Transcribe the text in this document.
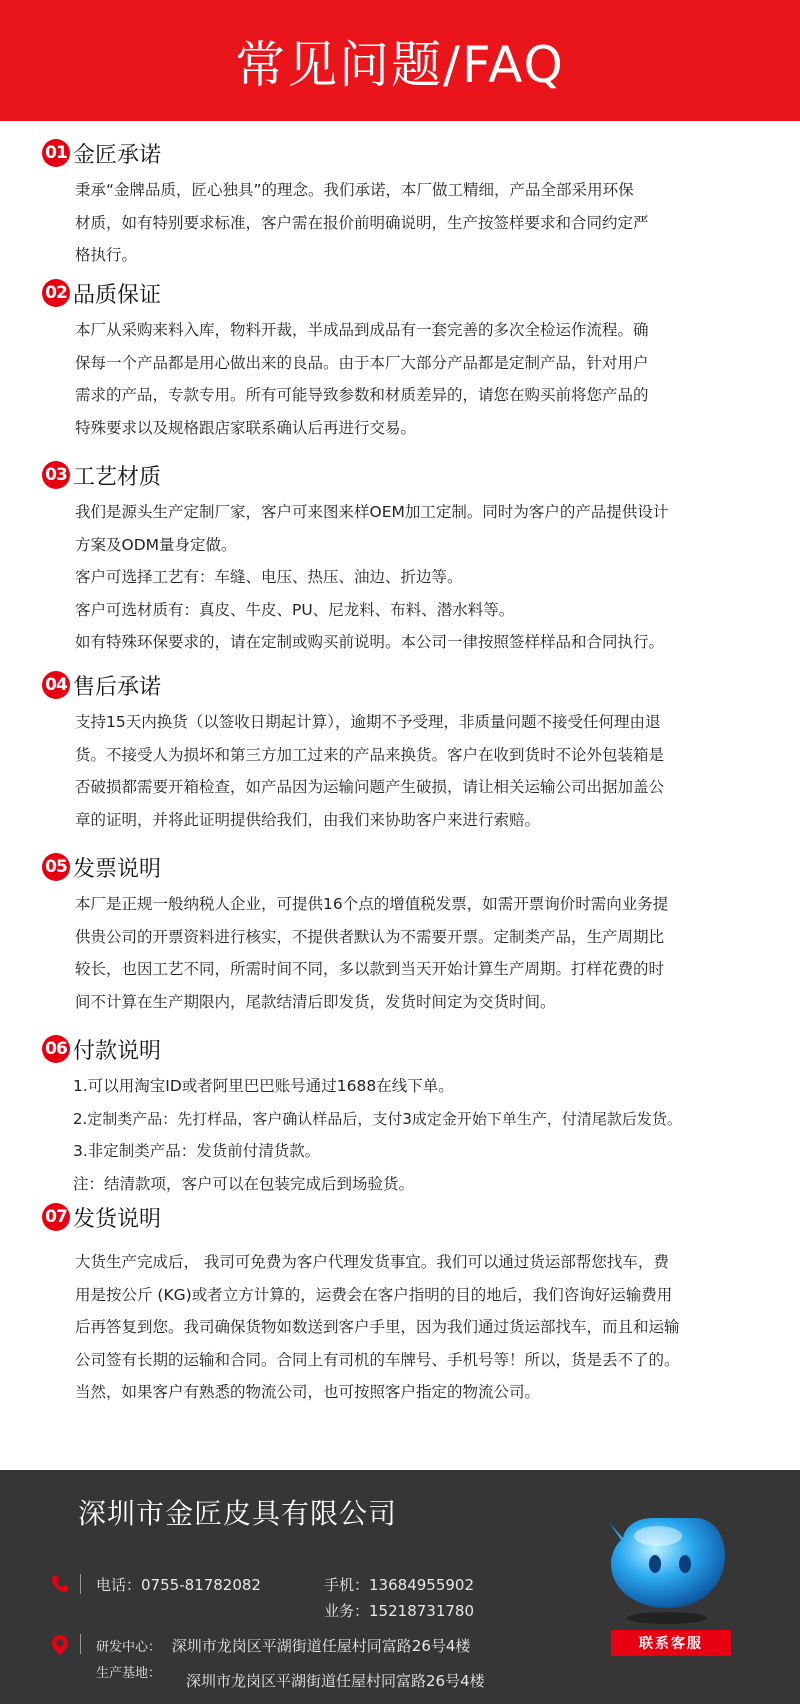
常见问题/FAQ
01 金匠承诺

秉承“金牌品质，匠心独具”的理念。我们承诺，本厂做工精细，产品全部采用环保

材质，如有特别要求标准，客户需在报价前明确说明，生产按签样要求和合同约定严

格执行。

02 品质保证

本厂从采购来料入库，物料开裁，半成品到成品有一套完善的多次全检运作流程。确

保每一个产品都是用心做出来的良品。由于本厂大部分产品都是定制产品，针对用户

需求的产品，专款专用。所有可能导致参数和材质差异的，请您在购买前将您产品的

特殊要求以及规格跟店家联系确认后再进行交易。

03 工艺材质

我们是源头生产定制厂家，客户可来图来样OEM加工定制。同时为客户的产品提供设计

方案及ODM量身定做。

客户可选择工艺有：车缝、电压、热压、油边、折边等。

客户可选材质有：真皮、牛皮、PU、尼龙料、布料、潜水料等。

如有特殊环保要求的，请在定制或购买前说明。本公司一律按照签样样品和合同执行。

04 售后承诺

支持15天内换货（以签收日期起计算），逾期不予受理，非质量问题不接受任何理由退

货。不接受人为损坏和第三方加工过来的产品来换货。客户在收到货时不论外包装箱是

否破损都需要开箱检查，如产品因为运输问题产生破损，请让相关运输公司出据加盖公

章的证明，并将此证明提供给我们，由我们来协助客户来进行索赔。

05 发票说明

本厂是正规一般纳税人企业，可提供16个点的增值税发票，如需开票询价时需向业务提

供贵公司的开票资料进行核实，不提供者默认为不需要开票。定制类产品，生产周期比

较长，也因工艺不同，所需时间不同，多以款到当天开始计算生产周期。打样花费的时

间不计算在生产期限内，尾款结清后即发货，发货时间定为交货时间。

06 付款说明

1.可以用淘宝ID或者阿里巴巴账号通过1688在线下单。

2.定制类产品：先打样品，客户确认样品后，支付3成定金开始下单生产，付清尾款后发货。

3.非定制类产品：发货前付清货款。

注：结清款项，客户可以在包装完成后到场验货。

07 发货说明

大货生产完成后， 我司可免费为客户代理发货事宜。我们可以通过货运部帮您找车，费

用是按公斤 (KG)或者立方计算的，运费会在客户指明的目的地后，我们咨询好运输费用

后再答复到您。我司确保货物如数送到客户手里，因为我们通过货运部找车，而且和运输

公司签有长期的运输和合同。合同上有司机的车牌号、手机号等！所以，货是丢不了的。

当然，如果客户有熟悉的物流公司，也可按照客户指定的物流公司。

深圳市金匠皮具有限公司
电话：0755-81782082	手机：13684955902
业务：15218731780
研发中心： 深圳市龙岗区平湖街道任屋村同富路26号4楼
生产基地： 深圳市龙岗区平湖街道任屋村同富路26号4楼
联系客服
